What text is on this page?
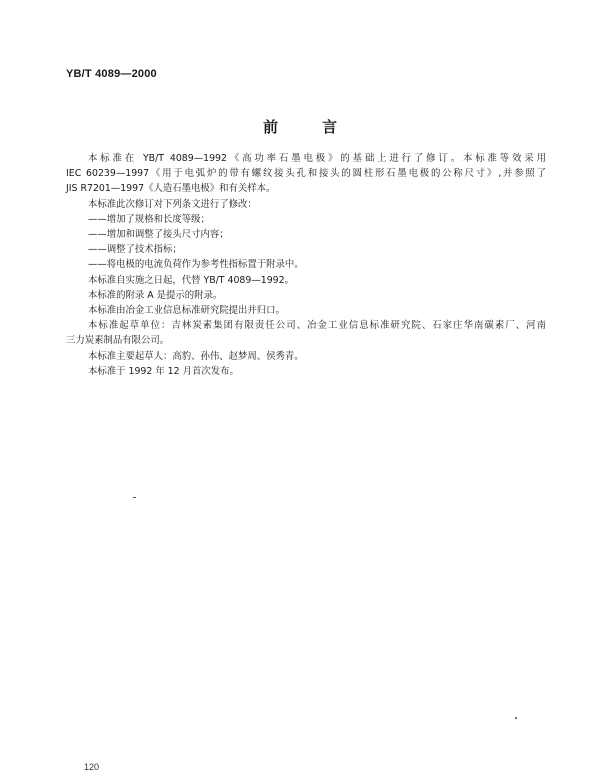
YB/T 4089—2000
前	言
本标准在 YB/T 4089—1992《高功率石墨电极》的基础上进行了修订。本标准等效采用
IEC 60239—1997《用于电弧炉的带有螺纹接头孔和接头的圆柱形石墨电极的公称尺寸》,并参照了
JIS R7201—1997《人造石墨电极》和有关样本。
本标准此次修订对下列条文进行了修改：
——增加了规格和长度等级；
——增加和调整了接头尺寸内容；
——调整了技术指标；
——将电极的电流负荷作为参考性指标置于附录中。
本标准自实施之日起，代替 YB/T 4089—1992。
本标准的附录 A 是提示的附录。
本标准由冶金工业信息标准研究院提出并归口。
本标准起草单位：吉林炭素集团有限责任公司、冶金工业信息标准研究院、石家庄华南碳素厂、河南
三力炭素制品有限公司。
本标准主要起草人：高豹、孙伟、赵梦周、侯秀青。
本标准于 1992 年 12 月首次发布。
120
